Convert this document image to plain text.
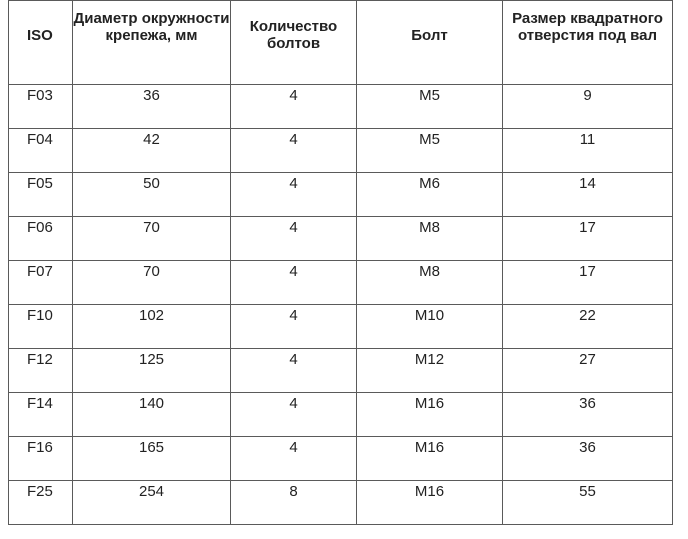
ISO	Диаметр окружности крепежа, мм	Количество болтов	Болт	Размер квадратного отверстия под вал
F03	36	4	M5	9
F04	42	4	M5	11
F05	50	4	M6	14
F06	70	4	M8	17
F07	70	4	M8	17
F10	102	4	M10	22
F12	125	4	M12	27
F14	140	4	M16	36
F16	165	4	M16	36
F25	254	8	M16	55
